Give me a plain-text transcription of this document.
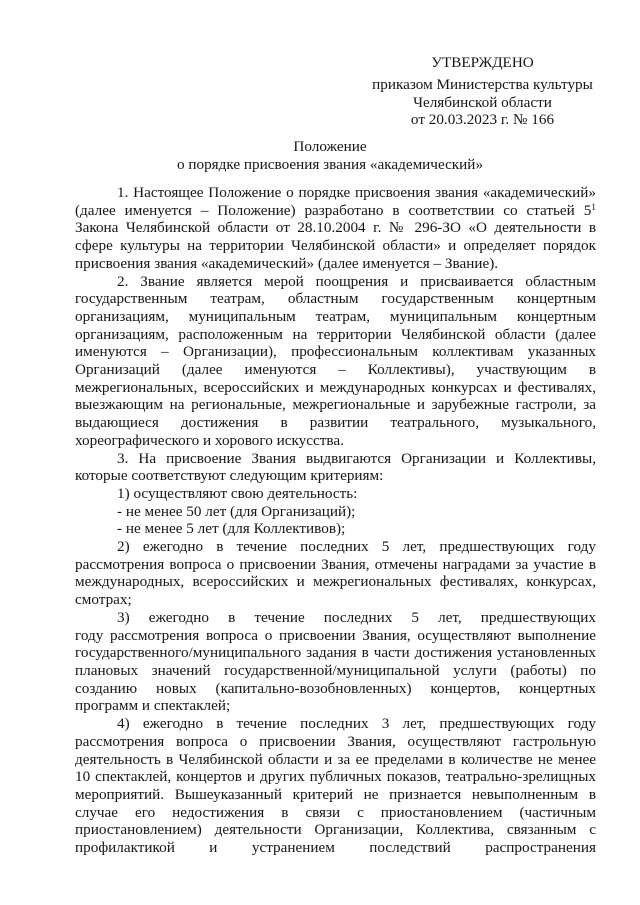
УТВЕРЖДЕНО
приказом Министерства культуры
Челябинской области
от 20.03.2023 г. № 166
Положение
о порядке присвоения звания «академический»

1. Настоящее Положение о порядке присвоения звания «академический» (далее именуется – Положение) разработано в соответствии со статьей 5$^1$ Закона Челябинской области от 28.10.2004 г. № 296-ЗО «О деятельности в сфере культуры на территории Челябинской области» и определяет порядок присвоения звания «академический» (далее именуется – Звание).

2. Звание является мерой поощрения и присваивается областным государственным театрам, областным государственным концертным организациям, муниципальным театрам, муниципальным концертным организациям, расположенным на территории Челябинской области (далее именуются – Организации), профессиональным коллективам указанных Организаций (далее именуются – Коллективы), участвующим в межрегиональных, всероссийских и международных конкурсах и фестивалях, выезжающим на региональные, межрегиональные и зарубежные гастроли, за выдающиеся достижения в развитии театрального, музыкального, хореографического и хорового искусства.

3. На присвоение Звания выдвигаются Организации и Коллективы, которые соответствуют следующим критериям:

1) осуществляют свою деятельность:

- не менее 50 лет (для Организаций);

- не менее 5 лет (для Коллективов);

2) ежегодно в течение последних 5 лет, предшествующих году рассмотрения вопроса о присвоении Звания, отмечены наградами за участие в международных, всероссийских и межрегиональных фестивалях, конкурсах, смотрах;

3) ежегодно в течение последних 5 лет, предшествующих году рассмотрения вопроса о присвоении Звания, осуществляют выполнение государственного/муниципального задания в части достижения установленных плановых значений государственной/муниципальной услуги (работы) по созданию новых (капитально-возобновленных) концертов, концертных программ и спектаклей;

4) ежегодно в течение последних 3 лет, предшествующих году рассмотрения вопроса о присвоении Звания, осуществляют гастрольную деятельность в Челябинской области и за ее пределами в количестве не менее 10 спектаклей, концертов и других публичных показов, театрально-зрелищных мероприятий. Вышеуказанный критерий не признается невыполненным в случае его недостижения в связи с приостановлением (частичным приостановлением) деятельности Организации, Коллектива, связанным с профилактикой и устранением последствий распространения
